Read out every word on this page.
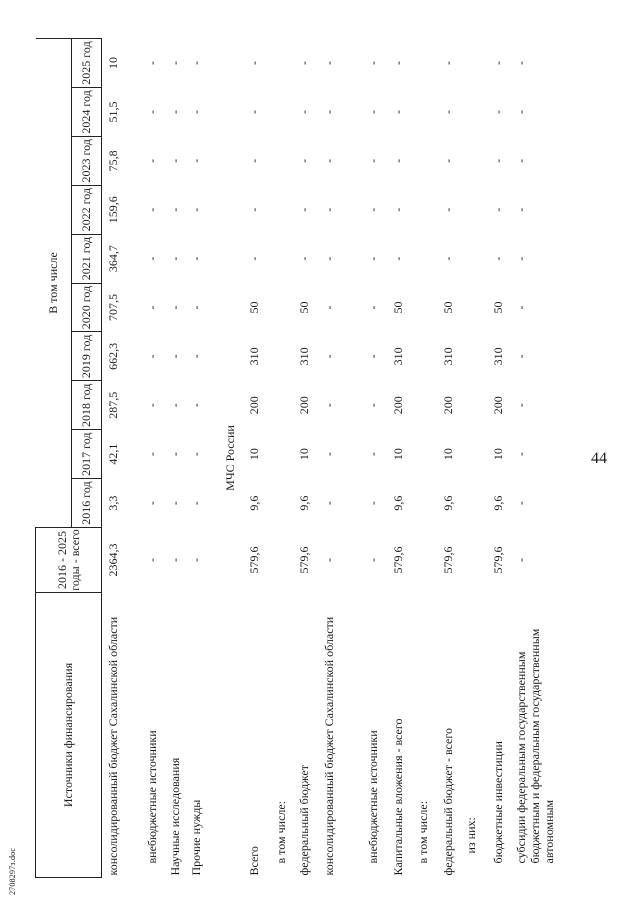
44
2708297з.doc
Источники финансирования	2016 - 2025 годы - всего	В том числе									
		2016 год	2017 год	2018 год	2019 год	2020 год	2021 год	2022 год	2023 год	2024 год	2025 год
консолидированный бюджет Сахалинской области	2364,3	3,3	42,1	287,5	662,3	707,5	364,7	159,6	75,8	51,5	10
внебюджетные источники	-	-	-	-	-	-	-	-	-	-	-
Научные исследования	-	-	-	-	-	-	-	-	-	-	-
Прочие нужды	-	-	-	-	-	-	-	-	-	-	-
МЧС России											
Всего	579,6	9,6	10	200	310	50	-	-	-	-	-
в том числе:											
федеральный бюджет	579,6	9,6	10	200	310	50	-	-	-	-	-
консолидированный бюджет Сахалинской области	-	-	-	-	-	-	-	-	-	-	-
внебюджетные источники	-	-	-	-	-	-	-	-	-	-	-
Капитальные вложения - всего	579,6	9,6	10	200	310	50	-	-	-	-	-
в том числе:											
федеральный бюджет - всего	579,6	9,6	10	200	310	50	-	-	-	-	-
из них:											
бюджетные инвестиции	579,6	9,6	10	200	310	50	-	-	-	-	-
субсидии федеральным государственным бюджетным и федеральным государственным автономным	-	-	-	-	-	-	-	-	-	-	-
